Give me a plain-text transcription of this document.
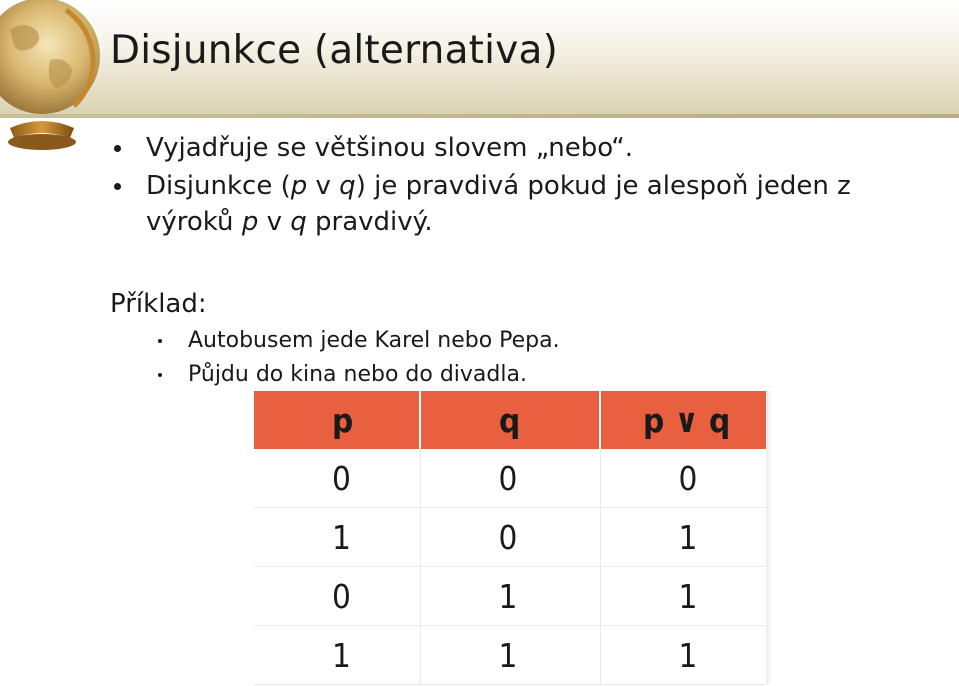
Disjunkce (alternativa)
Vyjadřuje se většinou slovem „nebo“.
Disjunkce (p v q) je pravdivá pokud je alespoň jeden z výroků p v q pravdivý.

Příklad:

Autobusem jede Karel nebo Pepa.
Půjdu do kina nebo do divadla.
p	q	p ∨ q
0	0	0
1	0	1
0	1	1
1	1	1
